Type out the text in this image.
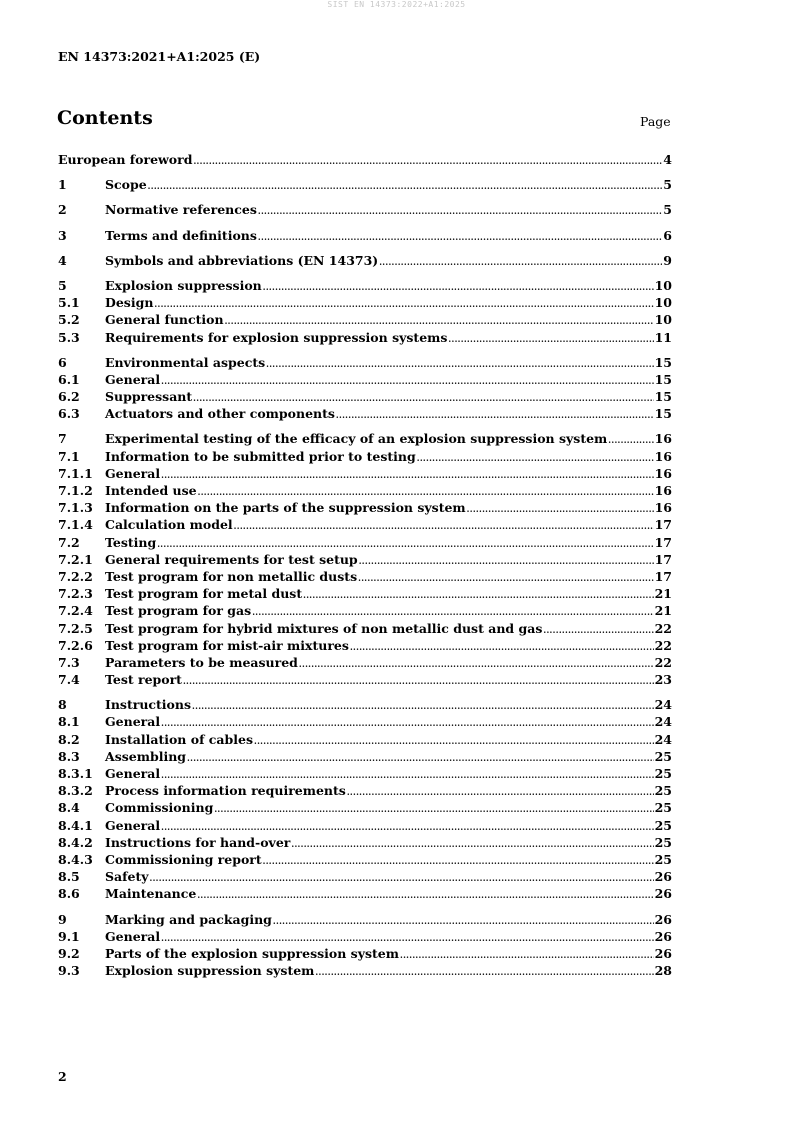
SIST EN 14373:2022+A1:2025
EN 14373:2021+A1:2025 (E)
Contents	Page
European foreword .....	4
1	Scope .....	5
2	Normative references .....	5
3	Terms and definitions .....	6
4	Symbols and abbreviations (EN 14373) .....	9
5	Explosion suppression .....	10
5.1	Design .....	10
5.2	General function .....	10
5.3	Requirements for explosion suppression systems .....	11
6	Environmental aspects .....	15
6.1	General .....	15
6.2	Suppressant .....	15
6.3	Actuators and other components .....	15
7	Experimental testing of the efficacy of an explosion suppression system .....	16
7.1	Information to be submitted prior to testing .....	16
7.1.1 General .....	16
7.1.2 Intended use .....	16
7.1.3 Information on the parts of the suppression system .....	16
7.1.4 Calculation model .....	17
7.2	Testing .....	17
7.2.1 General requirements for test setup .....	17
7.2.2 Test program for non metallic dusts .....	17
7.2.3 Test program for metal dust .....	21
7.2.4 Test program for gas .....	21
7.2.5 Test program for hybrid mixtures of non metallic dust and gas .....	22
7.2.6 Test program for mist-air mixtures .....	22
7.3	Parameters to be measured .....	22
7.4	Test report .....	23
8	Instructions .....	24
8.1	General .....	24
8.2	Installation of cables .....	24
8.3	Assembling .....	25
8.3.1 General .....	25
8.3.2 Process information requirements .....	25
8.4	Commissioning .....	25
8.4.1 General .....	25
8.4.2 Instructions for hand-over .....	25
8.4.3 Commissioning report .....	25
8.5	Safety .....	26
8.6	Maintenance .....	26
9	Marking and packaging .....	26
9.1	General .....	26
9.2	Parts of the explosion suppression system .....	26
9.3	Explosion suppression system .....	28
2
